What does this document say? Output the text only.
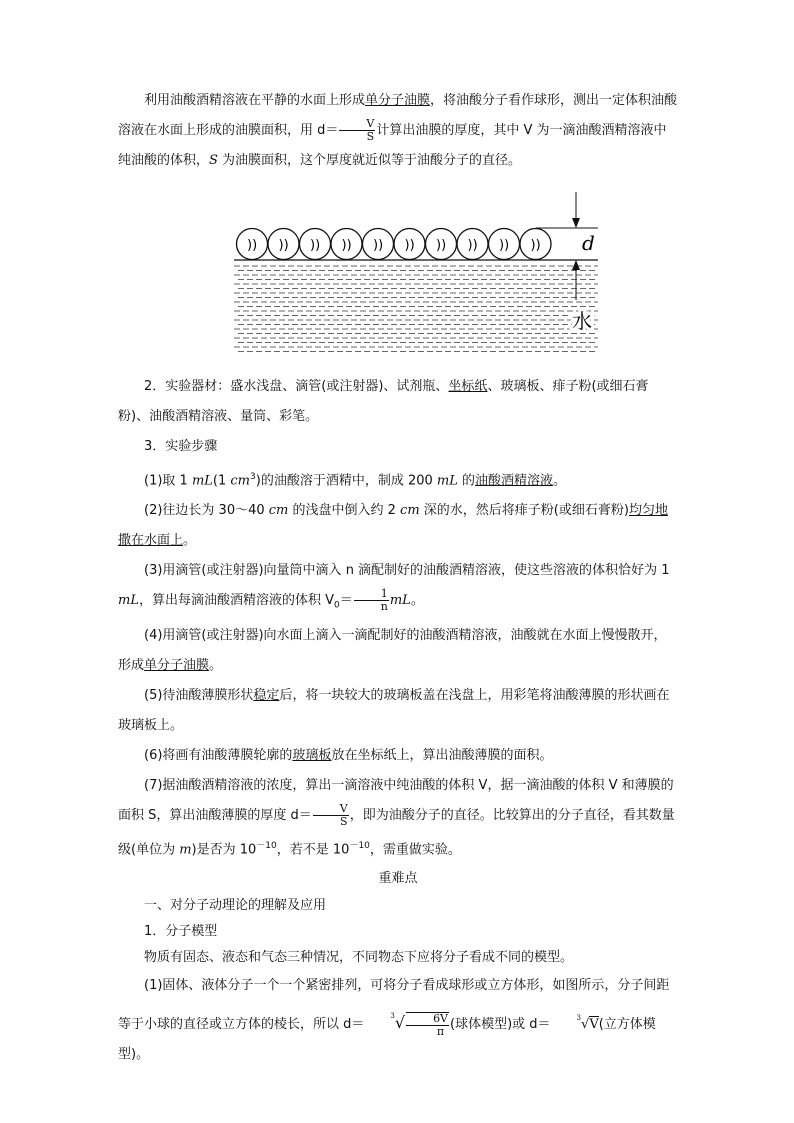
利用油酸酒精溶液在平静的水面上形成单分子油膜，将油酸分子看作球形，测出一定体积油酸溶液在水面上形成的油膜面积，用 $d= \frac{V}{S}$ 计算出油膜的厚度，其中 V 为一滴油酸酒精溶液中纯油酸的体积，S 为油膜面积，这个厚度就近似等于油酸分子的直径。

)) )) )) )) )) )) )) )) )) )) d
水

2．实验器材：盛水浅盘、滴管(或注射器)、试剂瓶、坐标纸、玻璃板、痱子粉(或细石膏粉)、油酸酒精溶液、量筒、彩笔。

3．实验步骤

(1)取 1 mL(1 $cm^3$)的油酸溶于酒精中，制成 200 mL 的油酸酒精溶液。

(2)往边长为 30～40 cm 的浅盘中倒入约 2 cm 深的水，然后将痱子粉(或细石膏粉)均匀地撒在水面上。

(3)用滴管(或注射器)向量筒中滴入 n 滴配制好的油酸酒精溶液，使这些溶液的体积恰好为 1 mL，算出每滴油酸酒精溶液的体积 $V_0= \frac{1}{n}$ mL。

(4)用滴管(或注射器)向水面上滴入一滴配制好的油酸酒精溶液，油酸就在水面上慢慢散开，形成单分子油膜。

(5)待油酸薄膜形状稳定后，将一块较大的玻璃板盖在浅盘上，用彩笔将油酸薄膜的形状画在玻璃板上。

(6)将画有油酸薄膜轮廓的玻璃板放在坐标纸上，算出油酸薄膜的面积。

(7)据油酸酒精溶液的浓度，算出一滴溶液中纯油酸的体积 V，据一滴油酸的体积 V 和薄膜的面积 S，算出油酸薄膜的厚度 $d= \frac{V}{S}$ ，即为油酸分子的直径。比较算出的分子直径，看其数量级(单位为 m)是否为 $10^{-10}$，若不是 $10^{-10}$，需重做实验。

重难点

一、对分子动理论的理解及应用

1．分子模型

物质有固态、液态和气态三种情况，不同物态下应将分子看成不同的模型。

(1)固体、液体分子一个一个紧密排列，可将分子看成球形或立方体形，如图所示，分子间距等于小球的直径或立方体的棱长，所以 $d=^3√ \frac{6V}{\pi}$ (球体模型)或 d＝	$^3$√V(立方体模型)。
